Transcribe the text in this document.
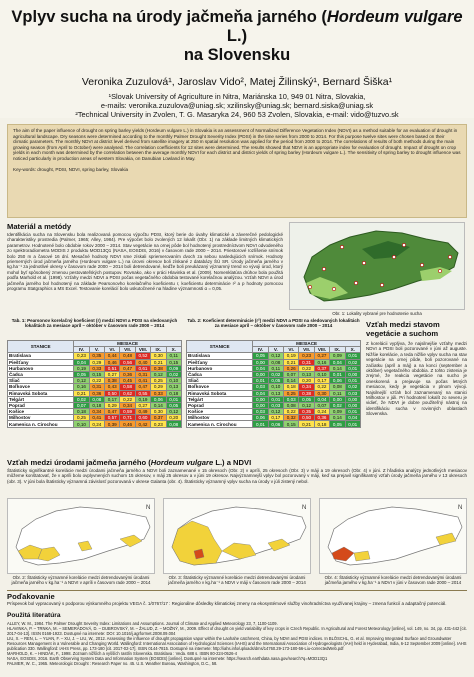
Vplyv sucha na úrody jačmeňa jarného (Hordeum vulgare L.)
na Slovensku
Veronika Zuzulová¹, Jaroslav Vido², Matej Žilinský¹, Bernard Šiška¹
¹Slovak University of Agriculture in Nitra, Mariánska 10, 949 01 Nitra, Slovakia,
e-mails: veronika.zuzulova@uniag.sk; xzilinsky@uniag.sk; bernard.siska@uniag.sk
²Technical University in Zvolen, T. G. Masaryka 24, 960 53 Zvolen, Slovakia, e-mail: vido@tuzvo.sk
The aim of the paper influence of drought on spring barley yields (Hordeum vulgare L.) in Slovakia is an assessment of Normalized Difference Vegetation Index (NDVI) as a method suitable for an evaluation of drought in agricultural landscape. Dry seasons were determined according to the monthly Palmer Drought Severity Index (PDSI) in the time series from 2000 to 2014. For this purpose twelve sites were chosen based on their climatic parameters. The monthly NDVI at district level derived from satellite imagery at 250 m spatial resolution was applied for the period from 2000 to 2014. The correlations of results of both methods during the main growing season (from April to October) were analysed. The correlation coefficients for 12 sites were determined. The results showed that NDVI is an appropriate index for evaluation of drought. Impact of drought on crop yields in each month was determined by the correlation between the average monthly NDVI for each district and district yields of spring barley (Hordeum vulgare L.). The sensitivity of spring barley to drought influence was noticed particularly in production areas of western Slovakia, on Danubian Lowland in May.
Key-words: drought, PDSI, NDVI, spring barley, Slovakia
Materiál a metódy
Identifikácia sucha na Slovensku bola realizovaná pomocou výpočtu PDSI, ktorý berie do úvahy klimatické a záverečné pedologické charakteristiky prostredia (Palmer, 1965; Alley, 1984). Pre výpočet bolo zvolených 12 lokalít (Obr. 1) na základe limitných klimatických parametrov. Hodnotené bolo obdobie rokov 2000 – 2014. Stav vegetácie na ornej pôde bol hodnotený prostredníctvom NDVI odvodeného zo spektroradiometra MODIS z produktu MOD13Q1 (NASA, EOSDIS, 2016) v časovom rade 2000 – 2014. Priestorové rozlíšenie snímok bolo 250 m a časové 16 dní. Mesačné hodnoty NDVI sme získali spriemerovaním dvoch za sebou nasledujúcich snímok. Hodnoty priemerných úrod jačmeňa jarného (Hordeum vulgare L.) na úrovni okresov boli získané z databázy ŠÚ SR. Úrody jačmeňa jarného v kg.ha⁻¹ za jednotlivé okresy v časovom rade 2000 – 2014 boli detrendované, keďže boli preukázaný významný trend vo vývoji úrod, ktorý mohol byť spôsobený zmenou pestovateľských postupov. Rovnako, ako v práci Hlavinka et al. (2009). Nomenklatúra drúhov bola použitá podľa Marhold et al. (1998). Vzťahy medzi NDVI a PDSI počas vegetačného obdobia testované korelačnou analýzou. Vzťah NDVI a úrod jačmeňa jarného bol hodnotený na základe Pearsonovho korelačného koeficientu r, koeficientu determinácie r² a p hodnoty pomocou programu Statgraphics a MS Excel. Testovanie korelácií bolo uskutočnené na hladine významnosti α = 0,05.
Obr. 1: Lokality vybrané pre hodnotenie sucha
Vzťah medzi stavom vegetácie a suchom
Z korelácii vyplýva, že najsilnejšie vzťahy medzi NDVI a PDSI boli pozorované v júni až auguste. Nižšie korelácie, a teda nižšie vplyv sucha na stav vegetácie na ornej pôde, boli pozorované na začiatku (apríl a máj) a na konci (september a október) vegetačného obdobia. Z tohto zistenia je zrejmé, že reakcia vegetácie na sucho je oneskorená a prejavuje sa počas letných mesiacov, kedy je vegetácia v plnom vývoji. Najsilnejší vzťah bol zaznamenaný na stanici Milhostov v júli. Pri hodnotení lokalít zo severu je vidieť, že NDVI je dobre použiteľný nástroj na identifikáciu sucha v rovinných oblastiach Slovenska.
Tab. 1: Pearsonov korelačný koeficient (r) medzi NDVI a PDSI na sledovaných lokalitách za mesiace apríl – október v časovom rade 2000 – 2014
Tab. 2: Koeficient determinácie (r²) medzi NDVI a PDSI na sledovaných lokalitách za mesiace apríl – október v časovom rade 2000 – 2014
STANICE	MESIACE						
	IV.	V.	VI.	VII.	VIII.	IX.	X.
Bratislava	0,23	0,35	0,44	0,48	0,52	0,30	0,11
Piešťany	0,04	0,29	0,46	0,56	0,40	0,21	0,15
Hurbanovo	0,19	0,33	0,51	0,47	0,61	0,38	0,09
Čadca	0,05	0,15	0,27	0,36	0,31	0,12	0,02
Sliač	0,12	0,22	0,38	0,45	0,41	0,25	0,10
Boľkovce	0,16	0,31	0,43	0,58	0,47	0,29	0,13
Rimavská Sobota	0,21	0,36	0,50	0,62	0,55	0,33	0,18
Telgárt	0,02	0,08	0,17	0,22	0,19	0,06	0,01
Poprad	0,07	0,18	0,29	0,34	0,27	0,14	0,05
Košice	0,18	0,34	0,47	0,59	0,49	0,30	0,12
Milhostov	0,25	0,41	0,57	0,71	0,60	0,37	0,20
Kamenica n. Cirochou	0,10	0,24	0,39	0,46	0,42	0,23	0,08
STANICE	MESIACE						
	IV.	V.	VI.	VII.	VIII.	IX.	X.
Bratislava	0,05	0,12	0,19	0,23	0,27	0,09	0,01
Piešťany	0,00	0,08	0,21	0,31	0,16	0,04	0,02
Hurbanovo	0,04	0,11	0,26	0,22	0,37	0,14	0,01
Čadca	0,00	0,02	0,07	0,13	0,10	0,01	0,00
Sliač	0,01	0,05	0,14	0,20	0,17	0,06	0,01
Boľkovce	0,03	0,10	0,18	0,34	0,22	0,08	0,02
Rimavská Sobota	0,04	0,13	0,25	0,38	0,30	0,11	0,03
Telgárt	0,00	0,01	0,03	0,05	0,04	0,00	0,00
Poprad	0,00	0,03	0,08	0,12	0,07	0,02	0,00
Košice	0,03	0,12	0,22	0,35	0,24	0,09	0,01
Milhostov	0,06	0,17	0,32	0,50	0,36	0,14	0,04
Kamenica n. Cirochou	0,01	0,06	0,15	0,21	0,18	0,05	0,01
Vzťah medzi úrodami jačmeňa jarného (Hordeum vulgare L.) a NDVI
Štatisticky signifikantné korelácie medzi úrodami jačmeňa jarného a NDVI boli zaznamenané v 15 okresoch (Obr. 2) v apríli, 25 okresoch (Obr. 3) v máji a 19 okresoch (Obr. 4) v júni. Z hľadiska analýzy jednotlivých mesiacov môžeme konštatovať, že v apríli bolo ovplyvnených suchom 15 okresov, v máji 25 okresov a v júni 19 okresov. Najvýznamnejší vplyv bol pozorovaný v máji, keď sa prejavil signifikantný vzťah úrody jačmeňa jarného v 13 okresoch (obr. 3). V júni bola štatisticky významná závislosť pozorovaná v okrese Galanta (obr. 4). Štatisticky významný vplyv sucha na úrody v júli zistený nebol.
N	N	N
Obr. 2: Štatisticky významné korelácie medzi detrendovanými úrodami jačmeňa jarného v kg.ha⁻¹ a NDVI v apríli v časovom rade 2000 – 2014
Obr. 3: Štatisticky významné korelácie medzi detrendovanými úrodami jačmeňa jarného v kg.ha⁻¹ a NDVI v máji v časovom rade 2000 – 2014
Obr. 4: Štatisticky významné korelácie medzi detrendovanými úrodami jačmeňa jarného v kg.ha⁻¹ a NDVI v júni v časovom rade 2000 – 2014
Poďakovanie
Príspevok bol vypracovaný s podporou výskumného projektu VEGA č. 1/0767/17 : Regionálne dôsledky klimatickej zmeny na ekosystémové služby vinohradníctva využívanej krajiny – zmena funkcií a adaptačný potenciál.
Použitá literatúra
ALLEY, W. M., 1984. The Palmer Drought Severity Index: Limitations and Assumptions. Journal of Climate and Applied Meteorology 23, 7, 1100-1109.
HLAVINKA, P. – TRNKA, M. – SEMERÁDOVÁ, D. – DUBROVSKÝ, M. – ŽALUD, Z. – MOŽNÝ, M., 2009. Effect of drought on yield variability of key crops in Czech Republic. In Agricultural and Forest Meteorology [online], vol. 149, no. 34, pp. 431-442 [cit. 2017-04-13]. ISSN 0168-1923. Dostupné na internete: DOI: 10.1016/j.agrformet.2008.09.004
LIU, X. – REN, L. – YUAN, F. – XU, J. – LIU, W., 2012. Assessing the influence of drought propagation vapor within the Laohahe catchment, China, by NDVI and PDSI indices. In BLÖSCHL, G. et al. Improving Integrated Surface and Groundwater Resources Management in a Vulnerable and Changing World. Wallingford: International Association of Hydrological Sciences (IAHS) and the International Association of Hydrogeologists (IAH) held in Hyderabad, India, 6-12 September 2009 [online]. IAHS publication 330. Wallingford: IAHS Press, pp. 173-180 [cit. 2017-02-17]. ISSN 0144-7815. Dostupné na internete: http://iahs.info/uploads/dms/14760.29-173-180-56-Liu-correctedWeb.pdf
MARHOLD, K. – HINDÁK, F., 1998. Zoznam nižších a vyšších rastlín Slovenska. Bratislava : Veda. 688 s. ISBN 80-224-0526-4
NASA, EOSDIS, 2016. Earth Observing System Data and Information System (EOSDIS) [online]. Dostupné na internete: https://search.earthdata.nasa.gov/search?q=MOD13Q1
PALMER, W. C., 1965. Meteorologic Drought : Research Paper no. 45. U.S. Weather Bureau, Washington, D.C., 58.
